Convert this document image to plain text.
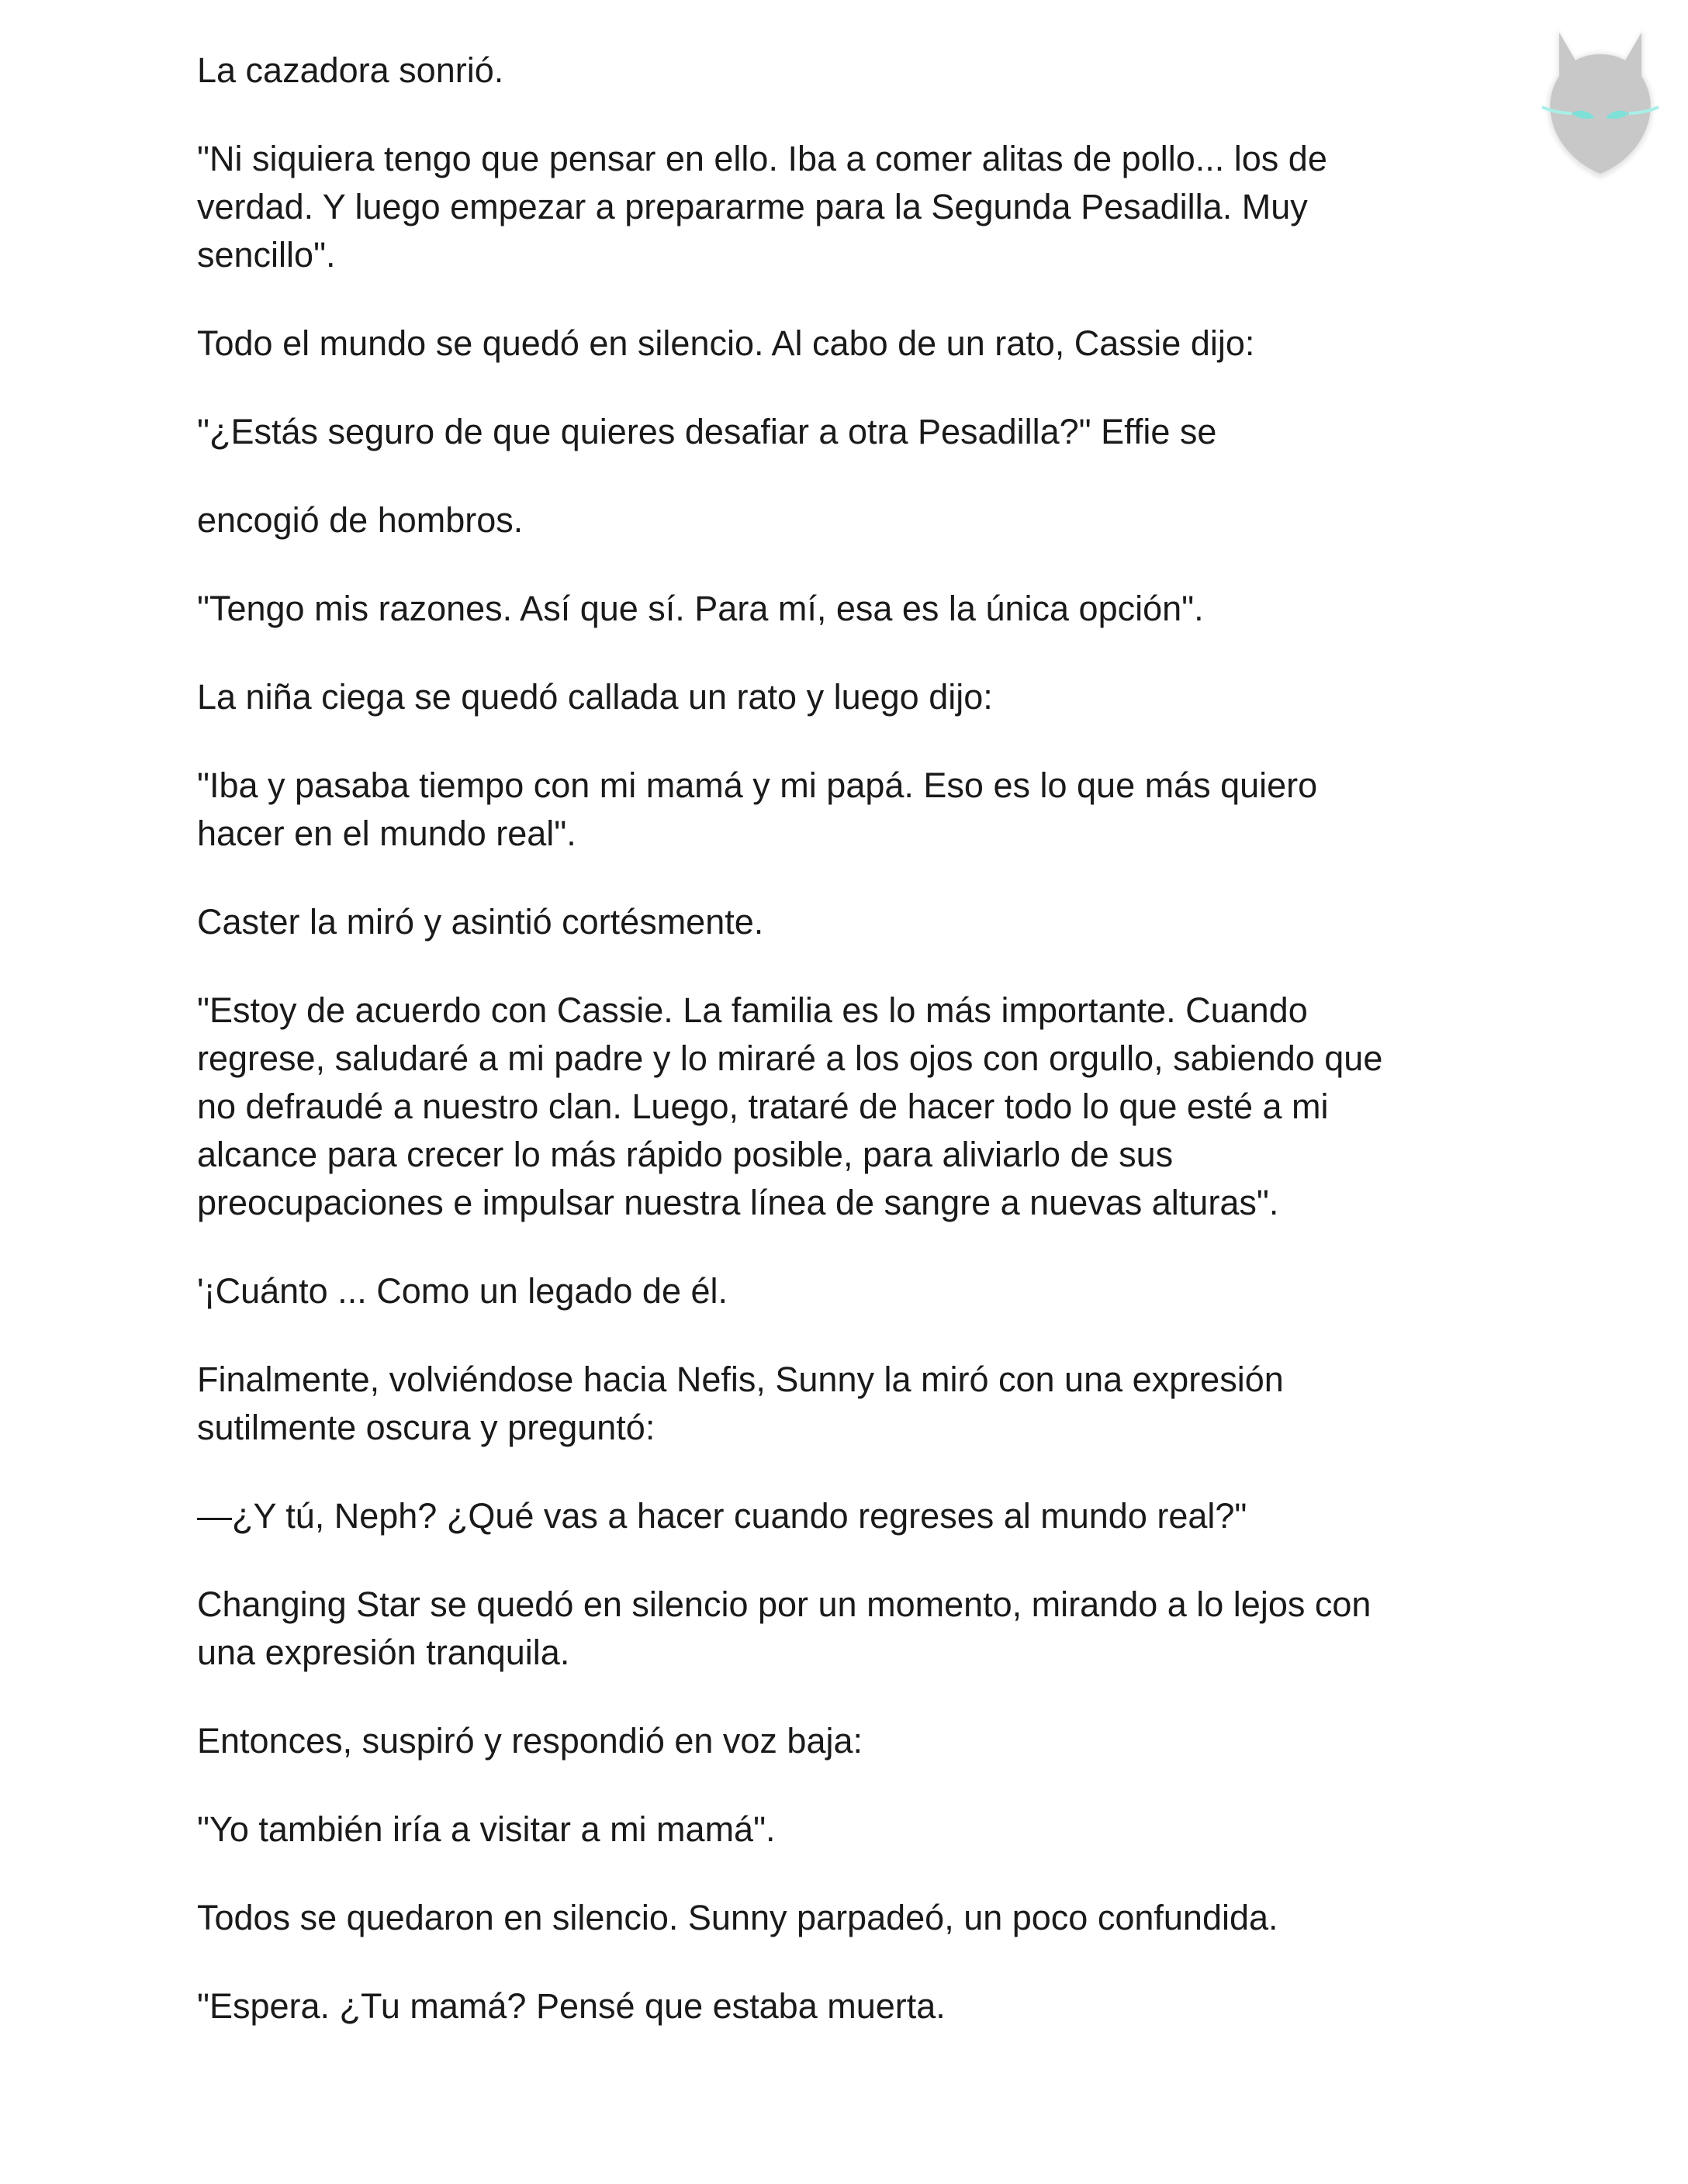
La cazadora sonrió.

"Ni siquiera tengo que pensar en ello. Iba a comer alitas de pollo... los de
verdad. Y luego empezar a prepararme para la Segunda Pesadilla. Muy
sencillo".

Todo el mundo se quedó en silencio. Al cabo de un rato, Cassie dijo:

"¿Estás seguro de que quieres desafiar a otra Pesadilla?" Effie se

encogió de hombros.

"Tengo mis razones. Así que sí. Para mí, esa es la única opción".

La niña ciega se quedó callada un rato y luego dijo:

"Iba y pasaba tiempo con mi mamá y mi papá. Eso es lo que más quiero
hacer en el mundo real".

Caster la miró y asintió cortésmente.

"Estoy de acuerdo con Cassie. La familia es lo más importante. Cuando
regrese, saludaré a mi padre y lo miraré a los ojos con orgullo, sabiendo que
no defraudé a nuestro clan. Luego, trataré de hacer todo lo que esté a mi
alcance para crecer lo más rápido posible, para aliviarlo de sus
preocupaciones e impulsar nuestra línea de sangre a nuevas alturas".

'¡Cuánto ... Como un legado de él.

Finalmente, volviéndose hacia Nefis, Sunny la miró con una expresión
sutilmente oscura y preguntó:

—¿Y tú, Neph? ¿Qué vas a hacer cuando regreses al mundo real?"

Changing Star se quedó en silencio por un momento, mirando a lo lejos con
una expresión tranquila.

Entonces, suspiró y respondió en voz baja:

"Yo también iría a visitar a mi mamá".

Todos se quedaron en silencio. Sunny parpadeó, un poco confundida.

"Espera. ¿Tu mamá? Pensé que estaba muerta.
